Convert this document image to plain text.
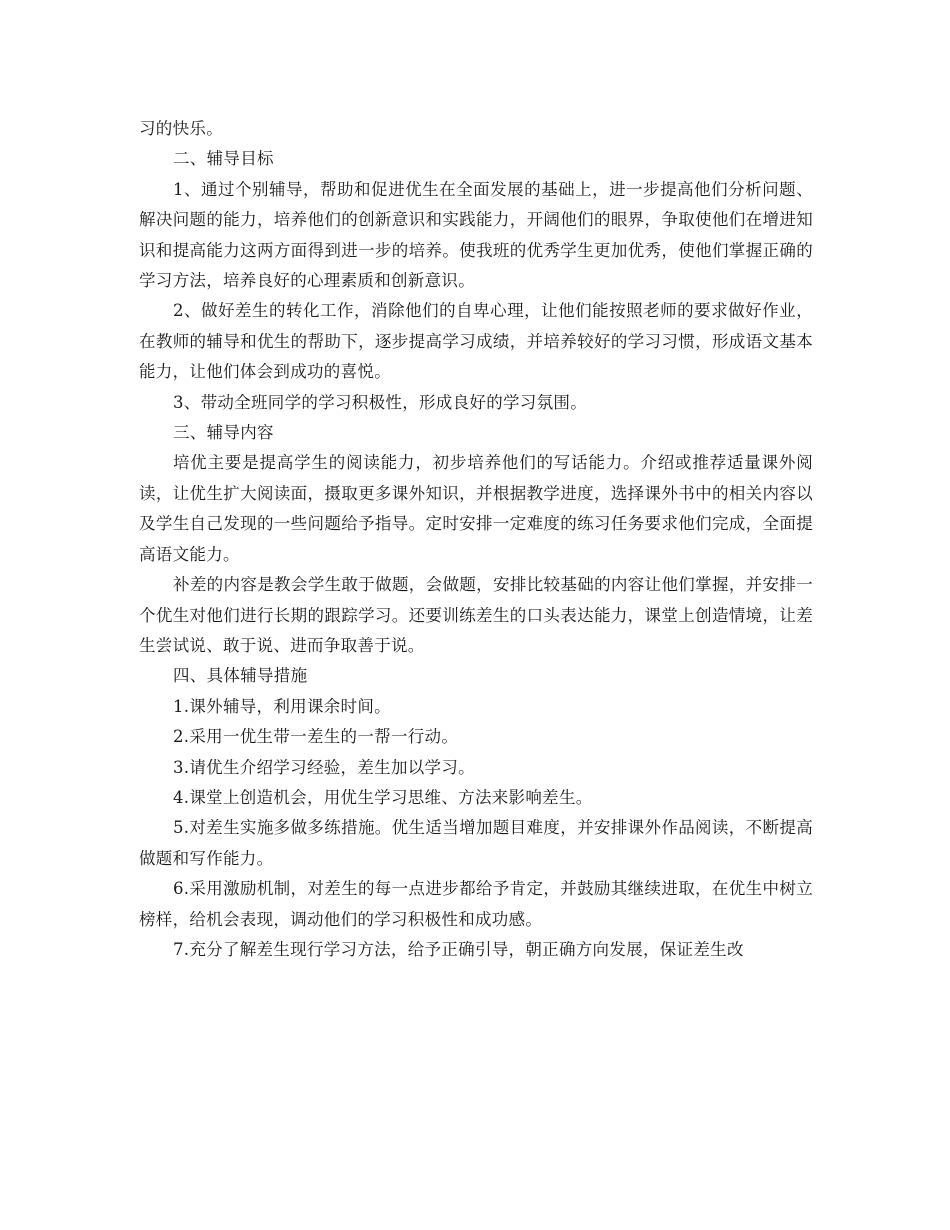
习的快乐。

二、辅导目标

1、通过个别辅导，帮助和促进优生在全面发展的基础上，进一步提高他们分析问题、解决问题的能力，培养他们的创新意识和实践能力，开阔他们的眼界，争取使他们在增进知识和提高能力这两方面得到进一步的培养。使我班的优秀学生更加优秀，使他们掌握正确的学习方法，培养良好的心理素质和创新意识。

2、做好差生的转化工作，消除他们的自卑心理，让他们能按照老师的要求做好作业，在教师的辅导和优生的帮助下，逐步提高学习成绩，并培养较好的学习习惯，形成语文基本能力，让他们体会到成功的喜悦。

3、带动全班同学的学习积极性，形成良好的学习氛围。

三、辅导内容

培优主要是提高学生的阅读能力，初步培养他们的写话能力。介绍或推荐适量课外阅读，让优生扩大阅读面，摄取更多课外知识，并根据教学进度，选择课外书中的相关内容以及学生自己发现的一些问题给予指导。定时安排一定难度的练习任务要求他们完成，全面提高语文能力。

补差的内容是教会学生敢于做题，会做题，安排比较基础的内容让他们掌握，并安排一个优生对他们进行长期的跟踪学习。还要训练差生的口头表达能力，课堂上创造情境，让差生尝试说、敢于说、进而争取善于说。

四、具体辅导措施

1.课外辅导，利用课余时间。

2.采用一优生带一差生的一帮一行动。

3.请优生介绍学习经验，差生加以学习。

4.课堂上创造机会，用优生学习思维、方法来影响差生。

5.对差生实施多做多练措施。优生适当增加题目难度，并安排课外作品阅读，不断提高做题和写作能力。

6.采用激励机制，对差生的每一点进步都给予肯定，并鼓励其继续进取，在优生中树立榜样，给机会表现，调动他们的学习积极性和成功感。

7.充分了解差生现行学习方法，给予正确引导，朝正确方向发展，保证差生改
